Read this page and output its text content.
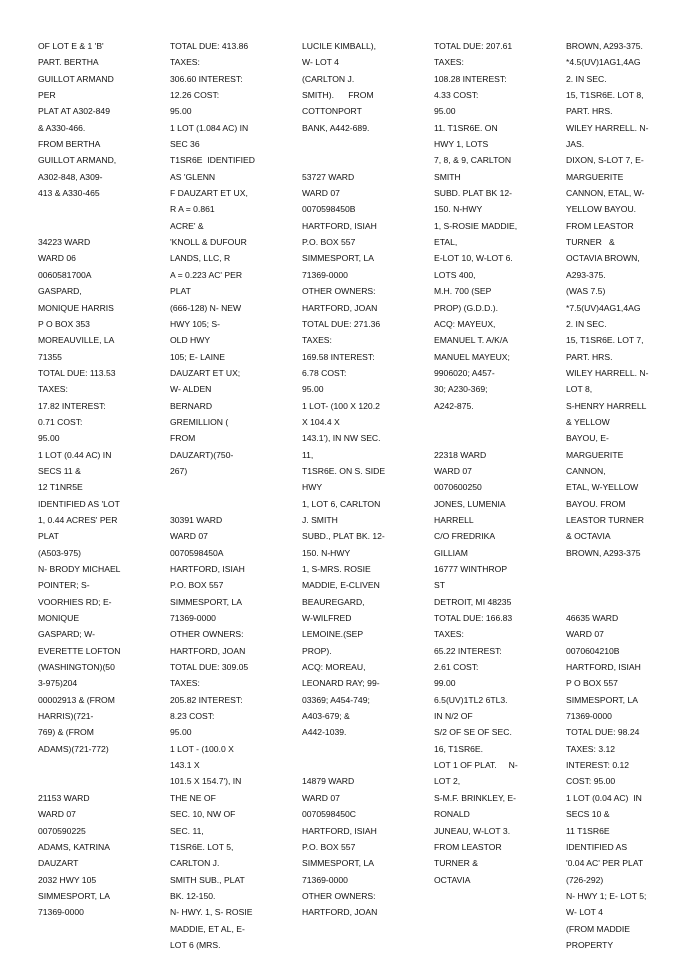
OF LOT E & 1 'B'
PART. BERTHA
GUILLOT ARMAND
PER
PLAT AT A302-849
& A330-466.
FROM BERTHA
GUILLOT ARMAND,
A302-848, A309-
413 & A330-465

34223 WARD
WARD 06
0060581700A
GASPARD,
MONIQUE HARRIS
P O BOX 353
MOREAUVILLE, LA
71355
TOTAL DUE: 113.53
TAXES:
17.82 INTEREST:
0.71 COST:
95.00
1 LOT (0.44 AC) IN
SECS 11 &
12 T1NR5E
IDENTIFIED AS 'LOT
1, 0.44 ACRES' PER
PLAT
(A503-975)
N- BRODY MICHAEL
POINTER; S-
VOORHIES RD; E-
MONIQUE
GASPARD; W-
EVERETTE LOFTON
(WASHINGTON)(50
3-975)204
00002913 & (FROM
HARRIS)(721-
769) & (FROM
ADAMS)(721-772)

21153 WARD
WARD 07
0070590225
ADAMS, KATRINA
DAUZART
2032 HWY 105
SIMMESPORT, LA
71369-0000
TOTAL DUE: 413.86
TAXES:
306.60 INTEREST:
12.26 COST:
95.00
1 LOT (1.084 AC) IN
SEC 36
T1SR6E  IDENTIFIED
AS 'GLENN
F DAUZART ET UX,
R A = 0.861
ACRE' &
'KNOLL & DUFOUR
LANDS, LLC, R
A = 0.223 AC' PER
PLAT
(666-128) N- NEW
HWY 105; S-
OLD HWY
105; E- LAINE
DAUZART ET UX;
W- ALDEN
BERNARD
GREMILLION (
FROM
DAUZART)(750-
267)

30391 WARD
WARD 07
0070598450A
HARTFORD, ISIAH
P.O. BOX 557
SIMMESPORT, LA
71369-0000
OTHER OWNERS:
HARTFORD, JOAN
TOTAL DUE: 309.05
TAXES:
205.82 INTEREST:
8.23 COST:
95.00
1 LOT - (100.0 X
143.1 X
101.5 X 154.7'), IN
THE NE OF
SEC. 10, NW OF
SEC. 11,
T1SR6E. LOT 5,
CARLTON J.
SMITH SUB., PLAT
BK. 12-150.
N- HWY. 1, S- ROSIE
MADDIE, ET AL, E-
LOT 6 (MRS.
LUCILE KIMBALL),
W- LOT 4
(CARLTON J.
SMITH).      FROM
COTTONPORT
BANK, A442-689.

53727 WARD
WARD 07
0070598450B
HARTFORD, ISIAH
P.O. BOX 557
SIMMESPORT, LA
71369-0000
OTHER OWNERS:
HARTFORD, JOAN
TOTAL DUE: 271.36
TAXES:
169.58 INTEREST:
6.78 COST:
95.00
1 LOT- (100 X 120.2
X 104.4 X
143.1'), IN NW SEC.
11,
T1SR6E. ON S. SIDE
HWY
1, LOT 6, CARLTON
J. SMITH
SUBD., PLAT BK. 12-
150. N-HWY
1, S-MRS. ROSIE
MADDIE, E-CLIVEN
BEAUREGARD,
W-WILFRED
LEMOINE.(SEP
PROP).
ACQ: MOREAU,
LEONARD RAY; 99-
03369; A454-749;
A403-679; &
A442-1039.

14879 WARD
WARD 07
0070598450C
HARTFORD, ISIAH
P.O. BOX 557
SIMMESPORT, LA
71369-0000
OTHER OWNERS:
HARTFORD, JOAN
TOTAL DUE: 207.61
TAXES:
108.28 INTEREST:
4.33 COST:
95.00
11. T1SR6E. ON
HWY 1, LOTS
7, 8, & 9, CARLTON
SMITH
SUBD. PLAT BK 12-
150. N-HWY
1, S-ROSIE MADDIE,
ETAL,
E-LOT 10, W-LOT 6.
LOTS 400,
M.H. 700 (SEP
PROP) (G.D.D.).
ACQ: MAYEUX,
EMANUEL T. A/K/A
MANUEL MAYEUX;
9906020; A457-
30; A230-369;
A242-875.

22318 WARD
WARD 07
0070600250
JONES, LUMENIA
HARRELL
C/O FREDRIKA
GILLIAM
16777 WINTHROP
ST
DETROIT, MI 48235
TOTAL DUE: 166.83
TAXES:
65.22 INTEREST:
2.61 COST:
99.00
6.5(UV)1TL2 6TL3.
IN N/2 OF
S/2 OF SE OF SEC.
16, T1SR6E.
LOT 1 OF PLAT.     N-
LOT 2,
S-M.F. BRINKLEY, E-
RONALD
JUNEAU, W-LOT 3.
FROM LEASTOR
TURNER &
OCTAVIA
BROWN, A293-375.
*4.5(UV)1AG1,4AG
2. IN SEC.
15, T1SR6E. LOT 8,
PART. HRS.
WILEY HARRELL. N-
JAS.
DIXON, S-LOT 7, E-
MARGUERITE
CANNON, ETAL, W-
YELLOW BAYOU.
FROM LEASTOR
TURNER   &
OCTAVIA BROWN,
A293-375.
(WAS 7.5)
*7.5(UV)4AG1,4AG
2. IN SEC.
15, T1SR6E. LOT 7,
PART. HRS.
WILEY HARRELL. N-
LOT 8,
S-HENRY HARRELL
& YELLOW
BAYOU, E-
MARGUERITE
CANNON,
ETAL, W-YELLOW
BAYOU. FROM
LEASTOR TURNER
& OCTAVIA
BROWN, A293-375

46635 WARD
WARD 07
0070604210B
HARTFORD, ISIAH
P O BOX 557
SIMMESPORT, LA
71369-0000
TOTAL DUE: 98.24
TAXES: 3.12
INTEREST: 0.12
COST: 95.00
1 LOT (0.04 AC)  IN
SECS 10 &
11 T1SR6E
IDENTIFIED AS
'0.04 AC' PER PLAT
(726-292)
N- HWY 1; E- LOT 5;
W- LOT 4
(FROM MADDIE
PROPERTY
